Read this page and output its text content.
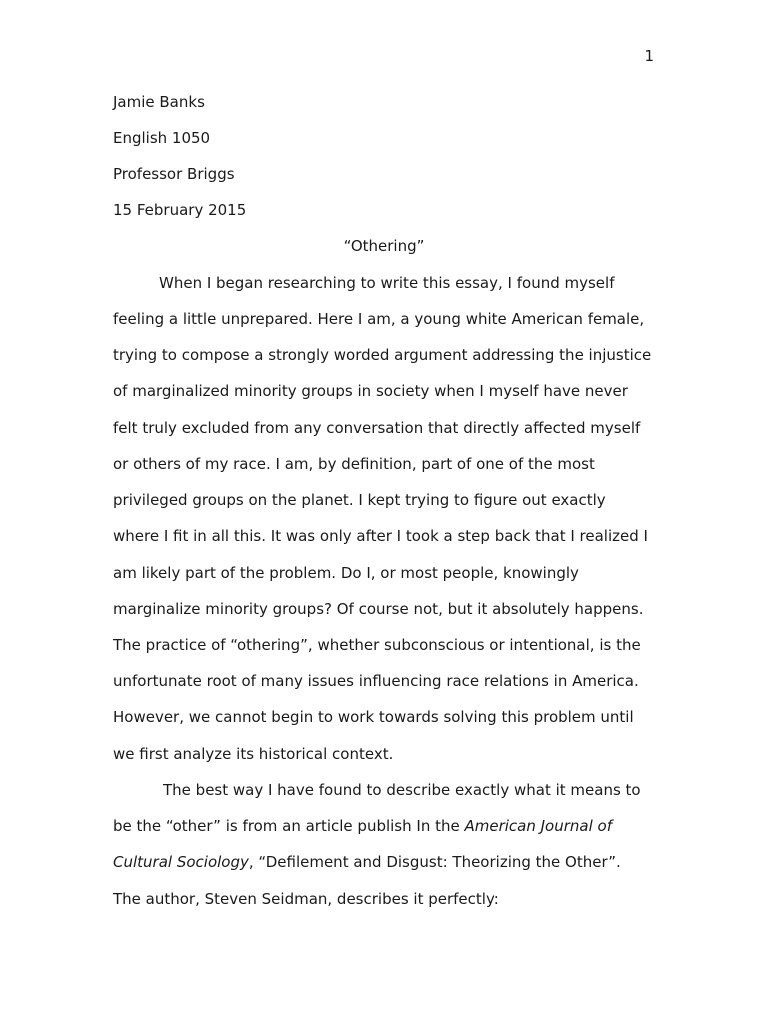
1
Jamie Banks
English 1050
Professor Briggs
15 February 2015
“Othering”
When I began researching to write this essay, I found myself
feeling a little unprepared. Here I am, a young white American female,
trying to compose a strongly worded argument addressing the injustice
of marginalized minority groups in society when I myself have never
felt truly excluded from any conversation that directly affected myself
or others of my race. I am, by definition, part of one of the most
privileged groups on the planet. I kept trying to figure out exactly
where I fit in all this. It was only after I took a step back that I realized I
am likely part of the problem. Do I, or most people, knowingly
marginalize minority groups? Of course not, but it absolutely happens.
The practice of “othering”, whether subconscious or intentional, is the
unfortunate root of many issues influencing race relations in America.
However, we cannot begin to work towards solving this problem until
we first analyze its historical context.
The best way I have found to describe exactly what it means to
be the “other” is from an article publish In the American Journal of
Cultural Sociology, “Defilement and Disgust: Theorizing the Other”.
The author, Steven Seidman, describes it perfectly:
